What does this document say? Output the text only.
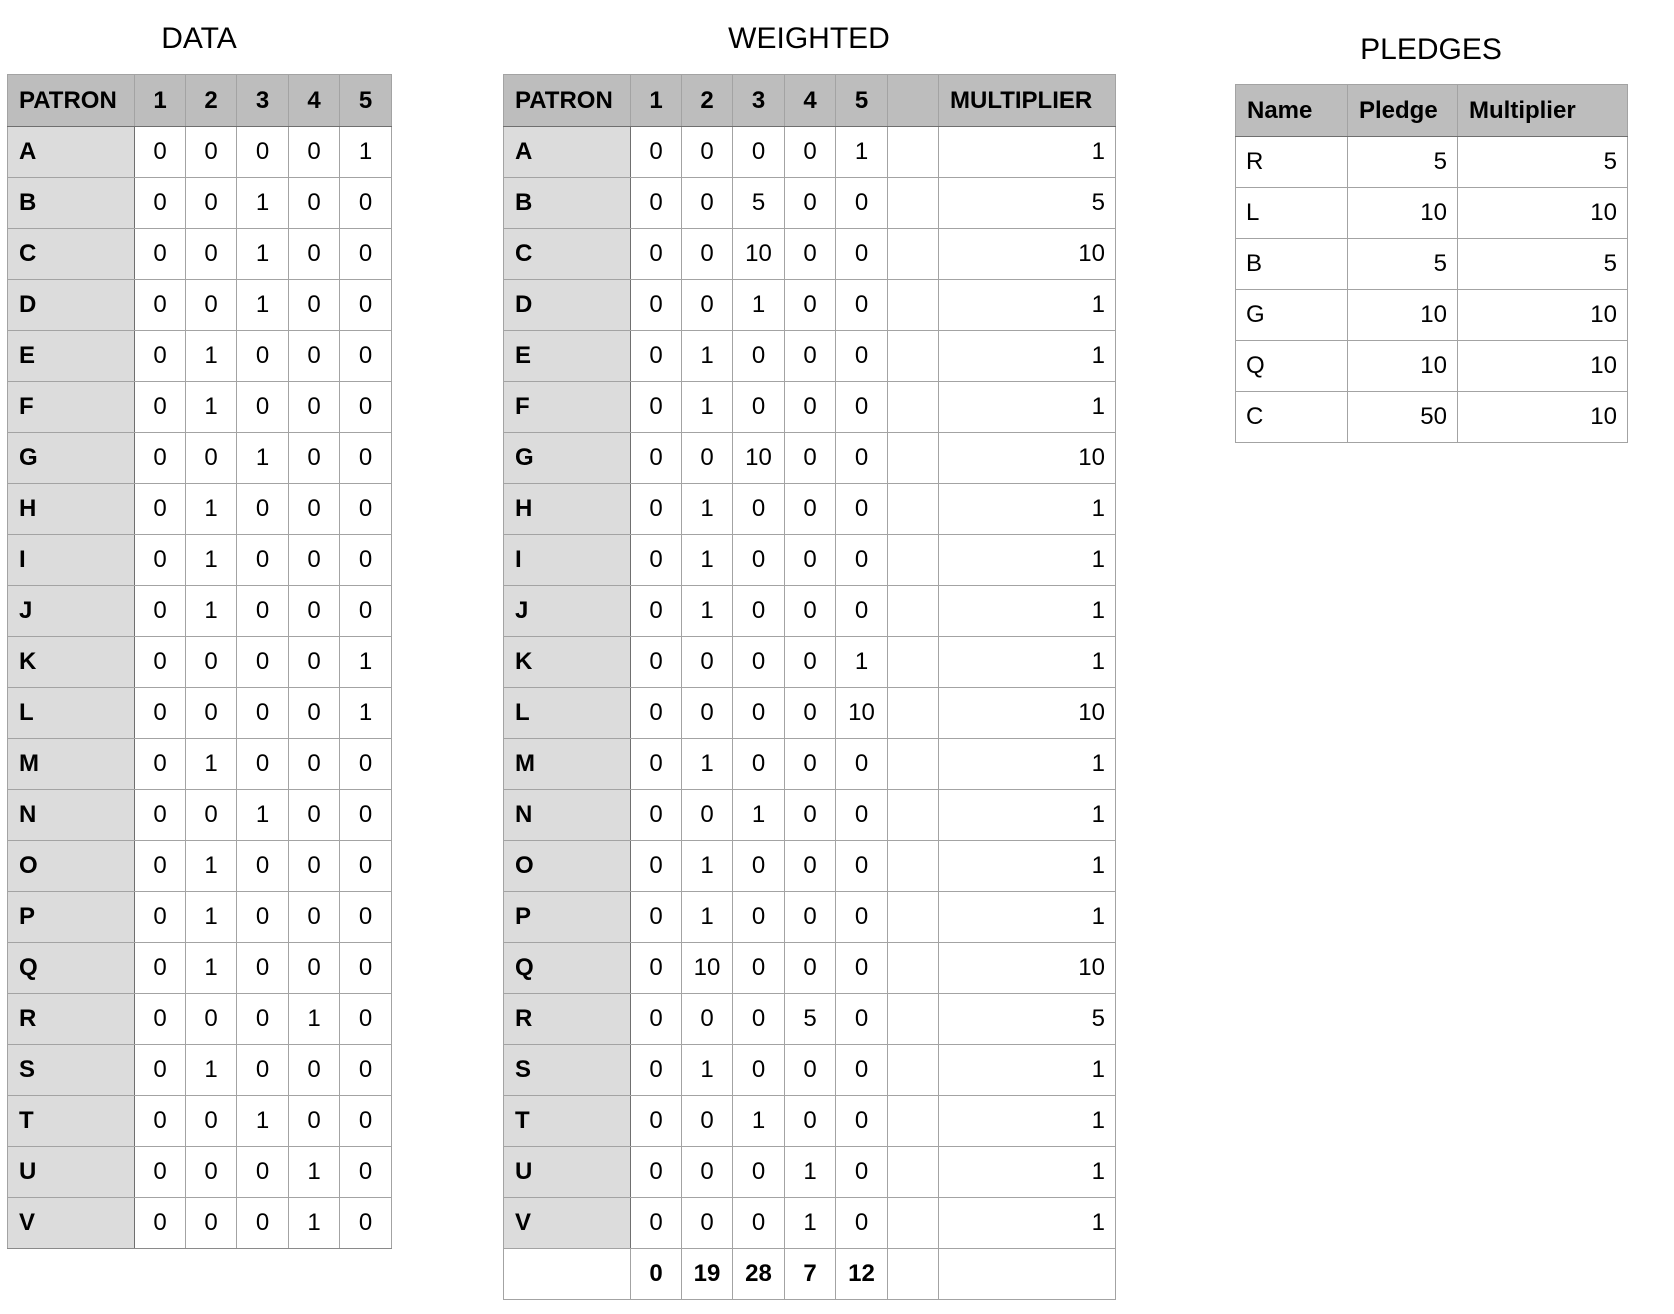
DATA
PATRON	1	2	3	4	5
A	0	0	0	0	1
B	0	0	1	0	0
C	0	0	1	0	0
D	0	0	1	0	0
E	0	1	0	0	0
F	0	1	0	0	0
G	0	0	1	0	0
H	0	1	0	0	0
I	0	1	0	0	0
J	0	1	0	0	0
K	0	0	0	0	1
L	0	0	0	0	1
M	0	1	0	0	0
N	0	0	1	0	0
O	0	1	0	0	0
P	0	1	0	0	0
Q	0	1	0	0	0
R	0	0	0	1	0
S	0	1	0	0	0
T	0	0	1	0	0
U	0	0	0	1	0
V	0	0	0	1	0
WEIGHTED
PATRON	1	2	3	4	5		MULTIPLIER
A	0	0	0	0	1		1
B	0	0	5	0	0		5
C	0	0	10	0	0		10
D	0	0	1	0	0		1
E	0	1	0	0	0		1
F	0	1	0	0	0		1
G	0	0	10	0	0		10
H	0	1	0	0	0		1
I	0	1	0	0	0		1
J	0	1	0	0	0		1
K	0	0	0	0	1		1
L	0	0	0	0	10		10
M	0	1	0	0	0		1
N	0	0	1	0	0		1
O	0	1	0	0	0		1
P	0	1	0	0	0		1
Q	0	10	0	0	0		10
R	0	0	0	5	0		5
S	0	1	0	0	0		1
T	0	0	1	0	0		1
U	0	0	0	1	0		1
V	0	0	0	1	0		1
	0	19	28	7	12		
PLEDGES
Name	Pledge	Multiplier
R	5	5
L	10	10
B	5	5
G	10	10
Q	10	10
C	50	10
